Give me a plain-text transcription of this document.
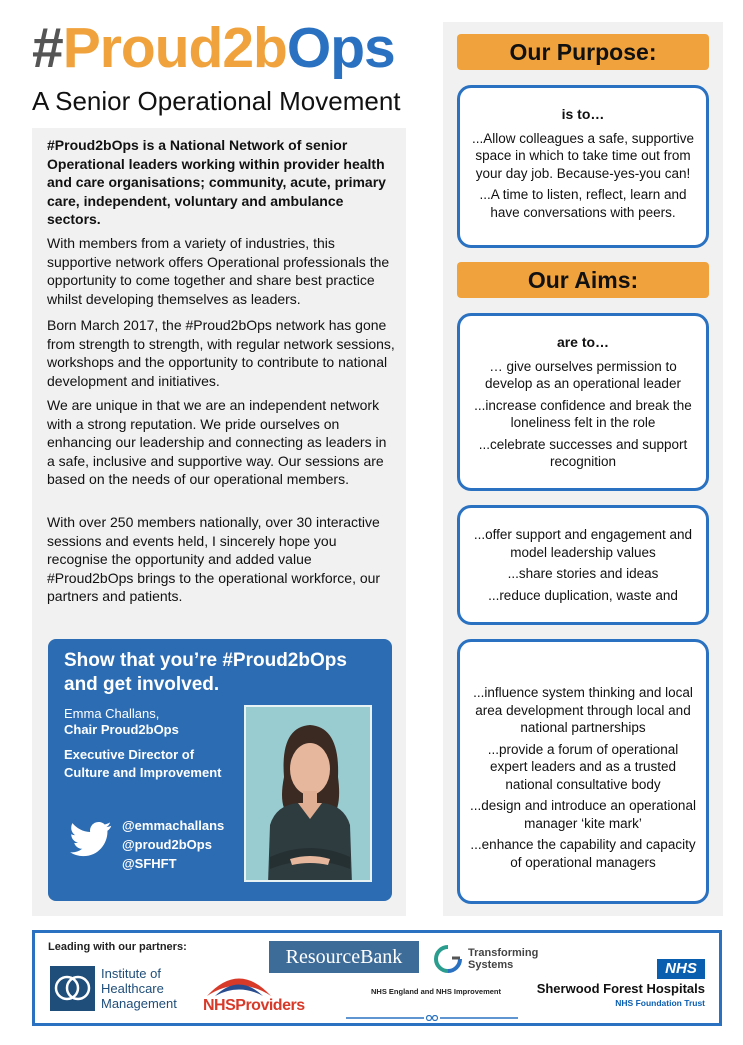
#Proud2bOps
A Senior Operational Movement
#Proud2bOps is a National Network of senior Operational leaders working within provider health and care organisations; community, acute, primary care, independent, voluntary and ambulance sectors.
With members from a variety of industries, this supportive network offers Operational professionals the opportunity to come together and share best practice whilst developing themselves as leaders.
Born March 2017, the #Proud2bOps network has gone from strength to strength, with regular network sessions, workshops and the opportunity to contribute to national development and initiatives.
We are unique in that we are an independent network with a strong reputation. We pride ourselves on enhancing our leadership and connecting as leaders in a safe, inclusive and supportive way. Our sessions are based on the needs of our operational members.
With over 250 members nationally, over 30 interactive sessions and events held, I sincerely hope you recognise the opportunity and added value #Proud2bOps brings to the operational workforce, our partners and patients.
Show that you’re #Proud2bOps and get involved.
Emma Challans,
Chair Proud2bOps
Executive Director of
Culture and Improvement
@emmachallans
@proud2bOps
@SFHFT
Our Purpose:
is to…
...Allow colleagues a safe, supportive space in which to take time out from your day job. Because-yes-you can!
...A time to listen, reflect, learn and have conversations with peers.
Our Aims:
are to…
… give ourselves permission to develop as an operational leader
...increase confidence and break the loneliness felt in the role
...celebrate successes and support recognition
...offer support and engagement and model leadership values
...share stories and ideas
...reduce duplication, waste and
...influence system thinking and local area development through local and national partnerships
...provide a forum of operational expert leaders and as a trusted national consultative body
...design and introduce an operational manager ‘kite mark’
...enhance the capability and capacity of operational managers
Leading with our partners:
Institute of
Healthcare
Management NHSProviders
ResourceBank	Transforming
Systems
NHS England and NHS Improvement
NHS
Sherwood Forest Hospitals
NHS Foundation Trust
